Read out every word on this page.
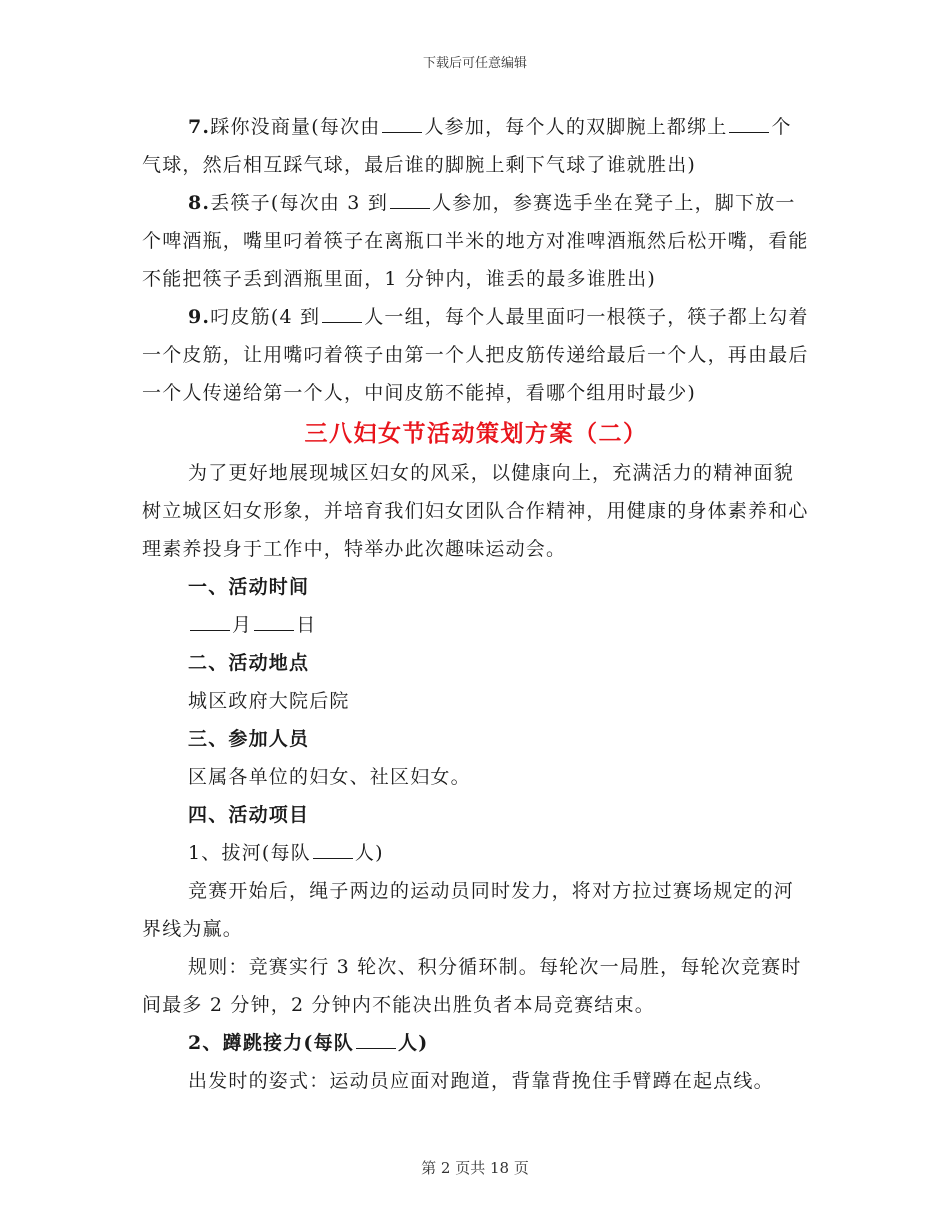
下载后可任意编辑

7.踩你没商量(每次由 人参加，每个人的双脚腕上都绑上 个气球，然后相互踩气球，最后谁的脚腕上剩下气球了谁就胜出)

8.丢筷子(每次由 3 到 人参加，参赛选手坐在凳子上，脚下放一个啤酒瓶，嘴里叼着筷子在离瓶口半米的地方对准啤酒瓶然后松开嘴，看能不能把筷子丢到酒瓶里面，1 分钟内，谁丢的最多谁胜出)

9.叼皮筋(4 到 人一组，每个人最里面叼一根筷子，筷子都上勾着一个皮筋，让用嘴叼着筷子由第一个人把皮筋传递给最后一个人，再由最后一个人传递给第一个人，中间皮筋不能掉，看哪个组用时最少)

三八妇女节活动策划方案（二）

为了更好地展现城区妇女的风采，以健康向上，充满活力的精神面貌树立城区妇女形象，并培育我们妇女团队合作精神，用健康的身体素养和心理素养投身于工作中，特举办此次趣味运动会。

一、活动时间

月 日

二、活动地点

城区政府大院后院

三、参加人员

区属各单位的妇女、社区妇女。

四、活动项目

1、拔河(每队 人)

竞赛开始后，绳子两边的运动员同时发力，将对方拉过赛场规定的河界线为赢。

规则：竞赛实行 3 轮次、积分循环制。每轮次一局胜，每轮次竞赛时间最多 2 分钟，2 分钟内不能决出胜负者本局竞赛结束。

2、蹲跳接力(每队 人)

出发时的姿式：运动员应面对跑道，背靠背挽住手臂蹲在起点线。

第 2 页共 18 页
